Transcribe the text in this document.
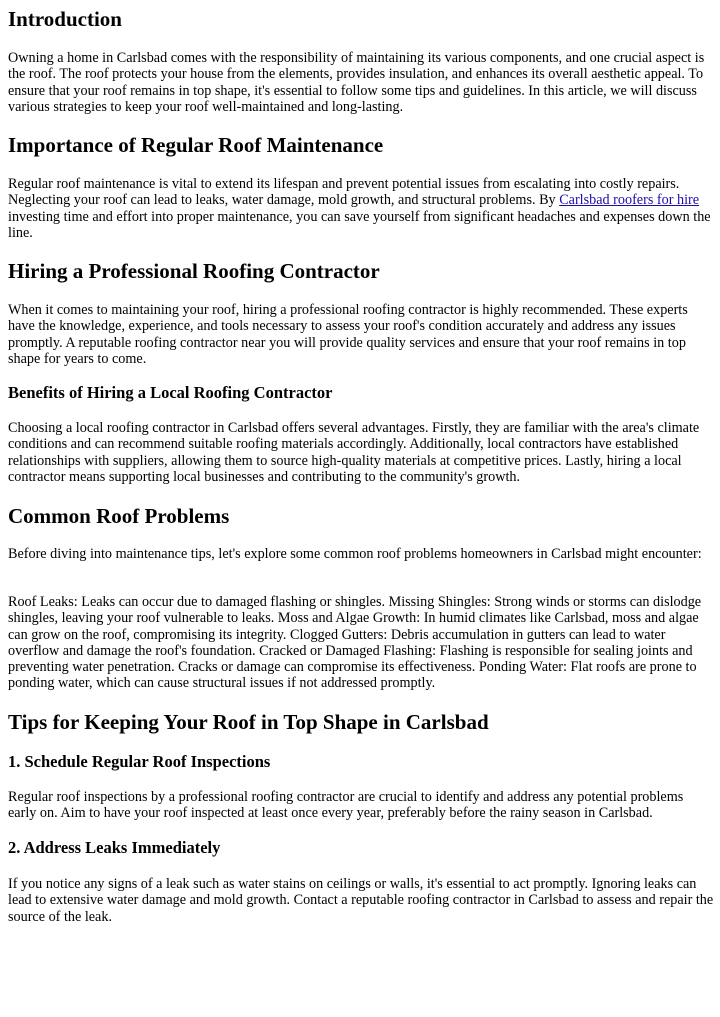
Introduction

Owning a home in Carlsbad comes with the responsibility of maintaining its various components, and one crucial aspect is the roof. The roof protects your house from the elements, provides insulation, and enhances its overall aesthetic appeal. To ensure that your roof remains in top shape, it's essential to follow some tips and guidelines. In this article, we will discuss various strategies to keep your roof well-maintained and long-lasting.

Importance of Regular Roof Maintenance

Regular roof maintenance is vital to extend its lifespan and prevent potential issues from escalating into costly repairs. Neglecting your roof can lead to leaks, water damage, mold growth, and structural problems. By Carlsbad roofers for hire investing time and effort into proper maintenance, you can save yourself from significant headaches and expenses down the line.

Hiring a Professional Roofing Contractor

When it comes to maintaining your roof, hiring a professional roofing contractor is highly recommended. These experts have the knowledge, experience, and tools necessary to assess your roof's condition accurately and address any issues promptly. A reputable roofing contractor near you will provide quality services and ensure that your roof remains in top shape for years to come.

Benefits of Hiring a Local Roofing Contractor

Choosing a local roofing contractor in Carlsbad offers several advantages. Firstly, they are familiar with the area's climate conditions and can recommend suitable roofing materials accordingly. Additionally, local contractors have established relationships with suppliers, allowing them to source high-quality materials at competitive prices. Lastly, hiring a local contractor means supporting local businesses and contributing to the community's growth.

Common Roof Problems

Before diving into maintenance tips, let's explore some common roof problems homeowners in Carlsbad might encounter:

Roof Leaks: Leaks can occur due to damaged flashing or shingles. Missing Shingles: Strong winds or storms can dislodge shingles, leaving your roof vulnerable to leaks. Moss and Algae Growth: In humid climates like Carlsbad, moss and algae can grow on the roof, compromising its integrity. Clogged Gutters: Debris accumulation in gutters can lead to water overflow and damage the roof's foundation. Cracked or Damaged Flashing: Flashing is responsible for sealing joints and preventing water penetration. Cracks or damage can compromise its effectiveness. Ponding Water: Flat roofs are prone to ponding water, which can cause structural issues if not addressed promptly.

Tips for Keeping Your Roof in Top Shape in Carlsbad
1. Schedule Regular Roof Inspections

Regular roof inspections by a professional roofing contractor are crucial to identify and address any potential problems early on. Aim to have your roof inspected at least once every year, preferably before the rainy season in Carlsbad.

2. Address Leaks Immediately

If you notice any signs of a leak such as water stains on ceilings or walls, it's essential to act promptly. Ignoring leaks can lead to extensive water damage and mold growth. Contact a reputable roofing contractor in Carlsbad to assess and repair the source of the leak.
